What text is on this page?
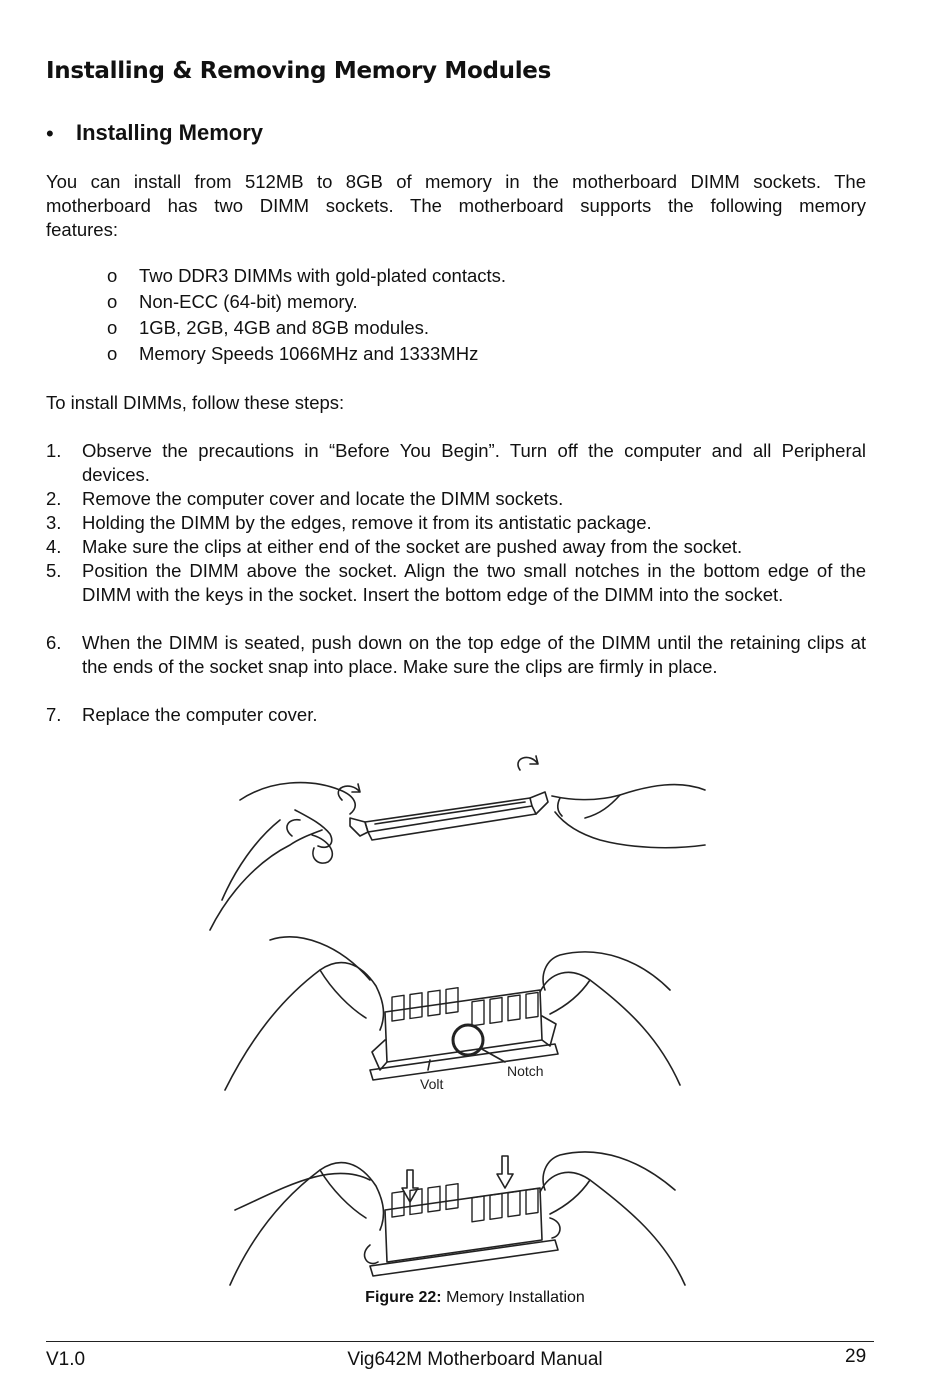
Installing & Removing Memory Modules
• Installing Memory
You can install from 512MB to 8GB of memory in the motherboard DIMM sockets. The
motherboard has two DIMM sockets. The motherboard supports the following memory
features:
o Two DDR3 DIMMs with gold-plated contacts.
o Non-ECC (64-bit) memory.
o 1GB, 2GB, 4GB and 8GB modules.
o Memory Speeds 1066MHz and 1333MHz
To install DIMMs, follow these steps:
1. Observe the precautions in “Before You Begin”. Turn off the computer and all Peripheral devices.
2. Remove the computer cover and locate the DIMM sockets.
3. Holding the DIMM by the edges, remove it from its antistatic package.
4. Make sure the clips at either end of the socket are pushed away from the socket.
5. Position the DIMM above the socket. Align the two small notches in the bottom edge of the DIMM with the keys in the socket. Insert the bottom edge of the DIMM into the socket.
6. When the DIMM is seated, push down on the top edge of the DIMM until the retaining clips at the ends of the socket snap into place. Make sure the clips are firmly in place.
7. Replace the computer cover.
Volt
Notch
Figure 22: Memory Installation
V1.0	Vig642M Motherboard Manual	29
